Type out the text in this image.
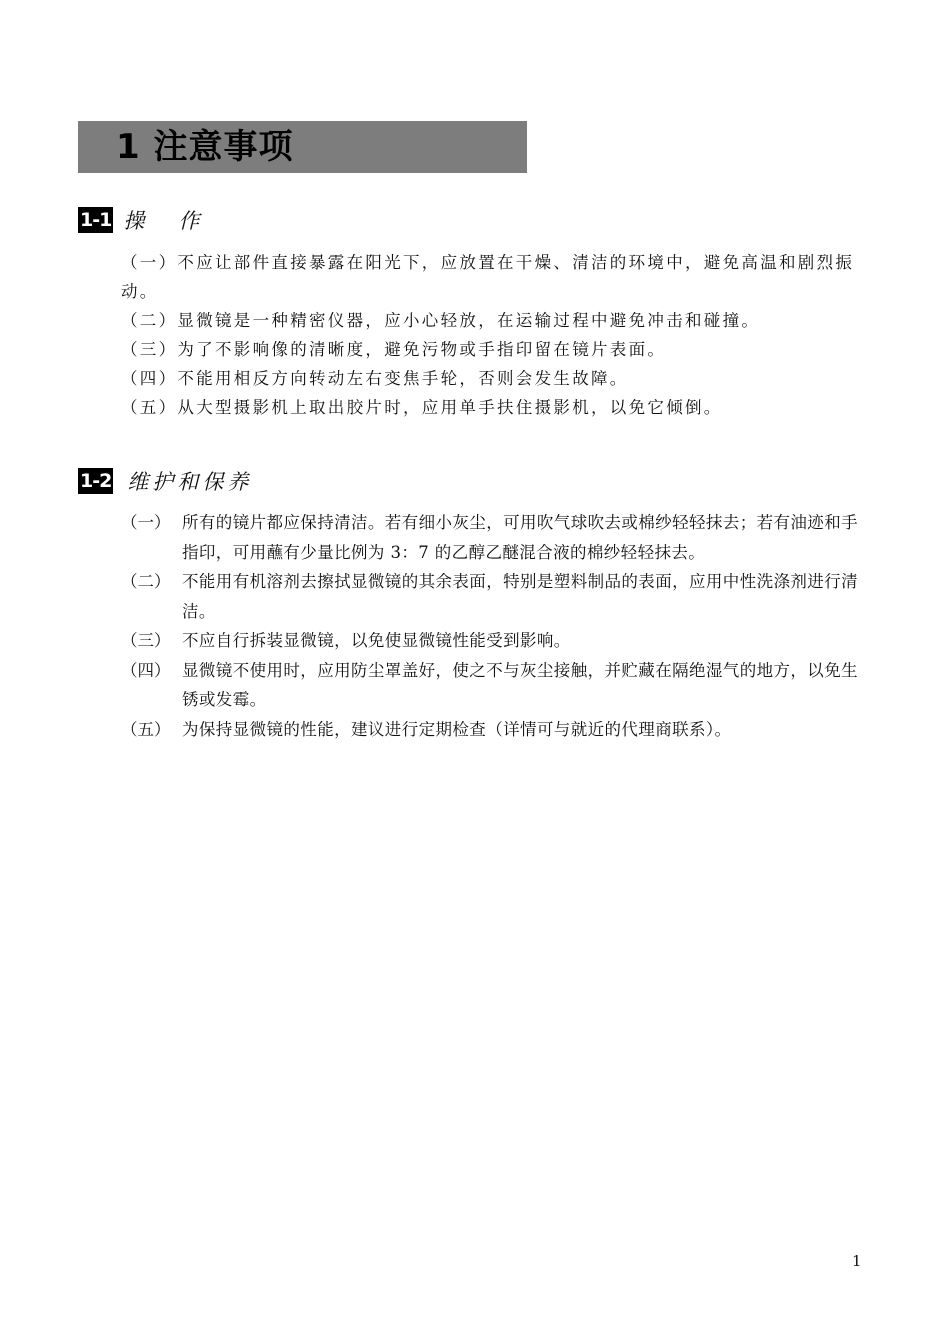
1 注意事项
1-1 操作
（一）不应让部件直接暴露在阳光下，应放置在干燥、清洁的环境中，避免高温和剧烈振动。
（二）显微镜是一种精密仪器，应小心轻放，在运输过程中避免冲击和碰撞。
（三）为了不影响像的清晰度，避免污物或手指印留在镜片表面。
（四）不能用相反方向转动左右变焦手轮，否则会发生故障。
（五）从大型摄影机上取出胶片时，应用单手扶住摄影机，以免它倾倒。
1-2 维护和保养
（一） 所有的镜片都应保持清洁。若有细小灰尘，可用吹气球吹去或棉纱轻轻抹去；若有油迹和手指印，可用蘸有少量比例为 3：7 的乙醇乙醚混合液的棉纱轻轻抹去。
（二） 不能用有机溶剂去擦拭显微镜的其余表面，特别是塑料制品的表面，应用中性洗涤剂进行清洁。
（三） 不应自行拆装显微镜，以免使显微镜性能受到影响。
（四） 显微镜不使用时，应用防尘罩盖好，使之不与灰尘接触，并贮藏在隔绝湿气的地方，以免生锈或发霉。
（五） 为保持显微镜的性能，建议进行定期检查（详情可与就近的代理商联系）。
1
